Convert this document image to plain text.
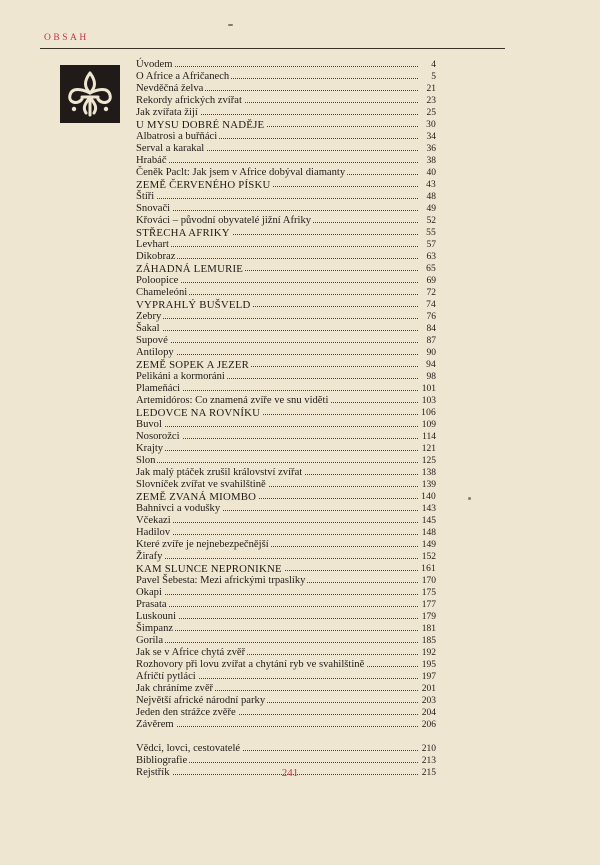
OBSAH
Úvodem	4
O Africe a Afričanech	5
Nevděčná želva	21
Rekordy afrických zvířat	23
Jak zvířata žijí	25
U MYSU DOBRÉ NADĚJE	30
Albatrosi a buřňáci	34
Serval a karakal	36
Hrabáč	38
Čeněk Paclt: Jak jsem v Africe dobýval diamanty	40
ZEMĚ ČERVENÉHO PÍSKU	43
Štíři	48
Snovači	49
Křováci – původní obyvatelé jižní Afriky	52
STŘECHA AFRIKY	55
Levhart	57
Dikobraz	63
ZÁHADNÁ LEMURIE	65
Poloopice	69
Chameleóni	72
VYPRAHLÝ BUŠVELD	74
Zebry	76
Šakal	84
Supové	87
Antilopy	90
ZEMĚ SOPEK A JEZER	94
Pelikáni a kormoráni	98
Plameňáci	101
Artemidóros: Co znamená zvíře ve snu vidĕti	103
LEDOVCE NA ROVNÍKU	106
Buvol	109
Nosorožci	114
Krajty	121
Slon	125
Jak malý ptáček zrušil království zvířat	138
Slovníček zvířat ve svahilštině	139
ZEMĚ ZVANÁ MIOMBO	140
Bahnivci a vodušky	143
Včekazi	145
Hadilov	148
Které zvíře je nejnebezpečnější	149
Žirafy	152
KAM SLUNCE NEPRONIKNE	161
Pavel Šebesta: Mezi africkými trpaslíky	170
Okapi	175
Prasata	177
Luskouni	179
Šimpanz	181
Gorila	185
Jak se v Africe chytá zvěř	192
Rozhovory při lovu zvířat a chytání ryb ve svahilštině	195
Afričtí pytláci	197
Jak chráníme zvěř	201
Největší africké národní parky	203
Jeden den strážce zvěře	204
Závěrem	206
Vědci, lovci, cestovatelé	210
Bibliografie	213
Rejstřík	215
241
